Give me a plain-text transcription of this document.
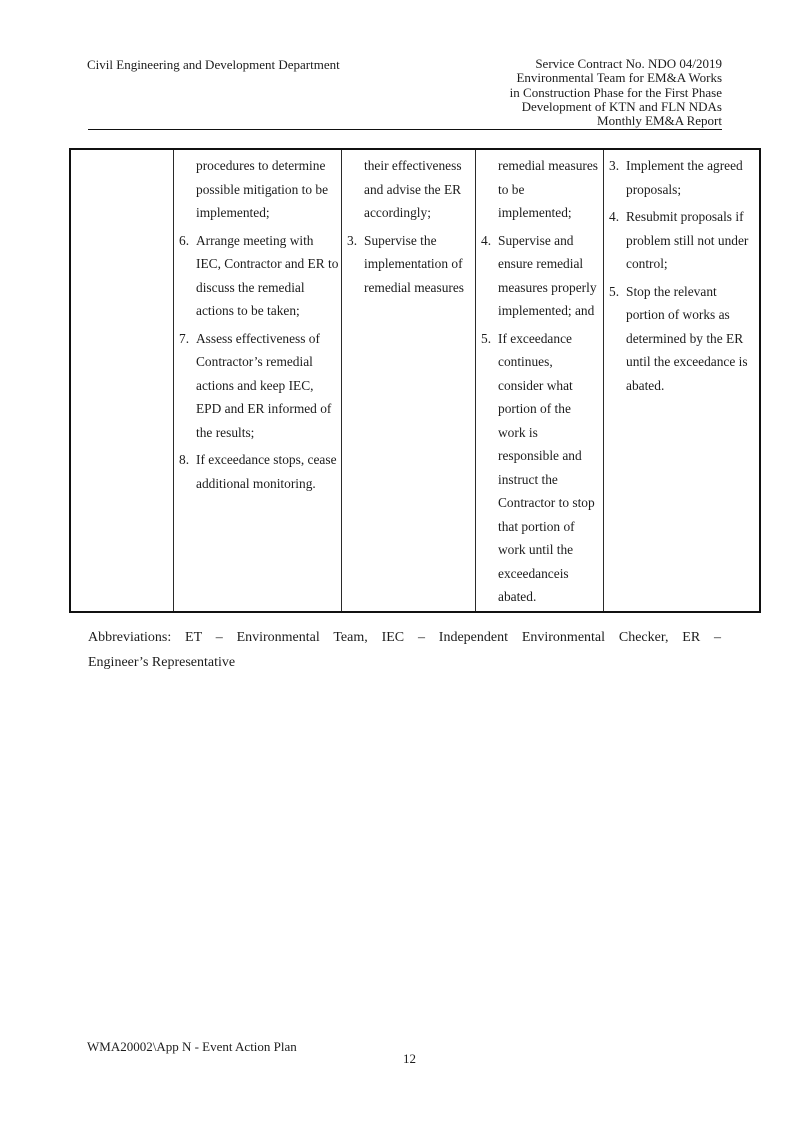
Civil Engineering and Development Department	Service Contract No. NDO 04/2019
Environmental Team for EM&A Works
in Construction Phase for the First Phase
Development of KTN and FLN NDAs
Monthly EM&A Report
procedures to determine possible mitigation to be implemented;
6. Arrange meeting with IEC, Contractor and ER to discuss the remedial actions to be taken;
7. Assess effectiveness of Contractor’s remedial actions and keep IEC, EPD and ER informed of the results;
8. If exceedance stops, cease additional monitoring.
their effectiveness and advise the ER accordingly;
3. Supervise the implementation of remedial measures
remedial measures to be implemented;
4. Supervise and ensure remedial measures properly implemented; and
5. If exceedance continues, consider what portion of the work is responsible and instruct the Contractor to stop that portion of work until the exceedanceis abated.
3. Implement the agreed proposals;
4. Resubmit proposals if problem still not under control;
5. Stop the relevant portion of works as determined by the ER until the exceedance is abated.
Abbreviations: ET – Environmental Team, IEC – Independent Environmental Checker, ER –
Engineer’s Representative
WMA20002\App N - Event Action Plan
12
